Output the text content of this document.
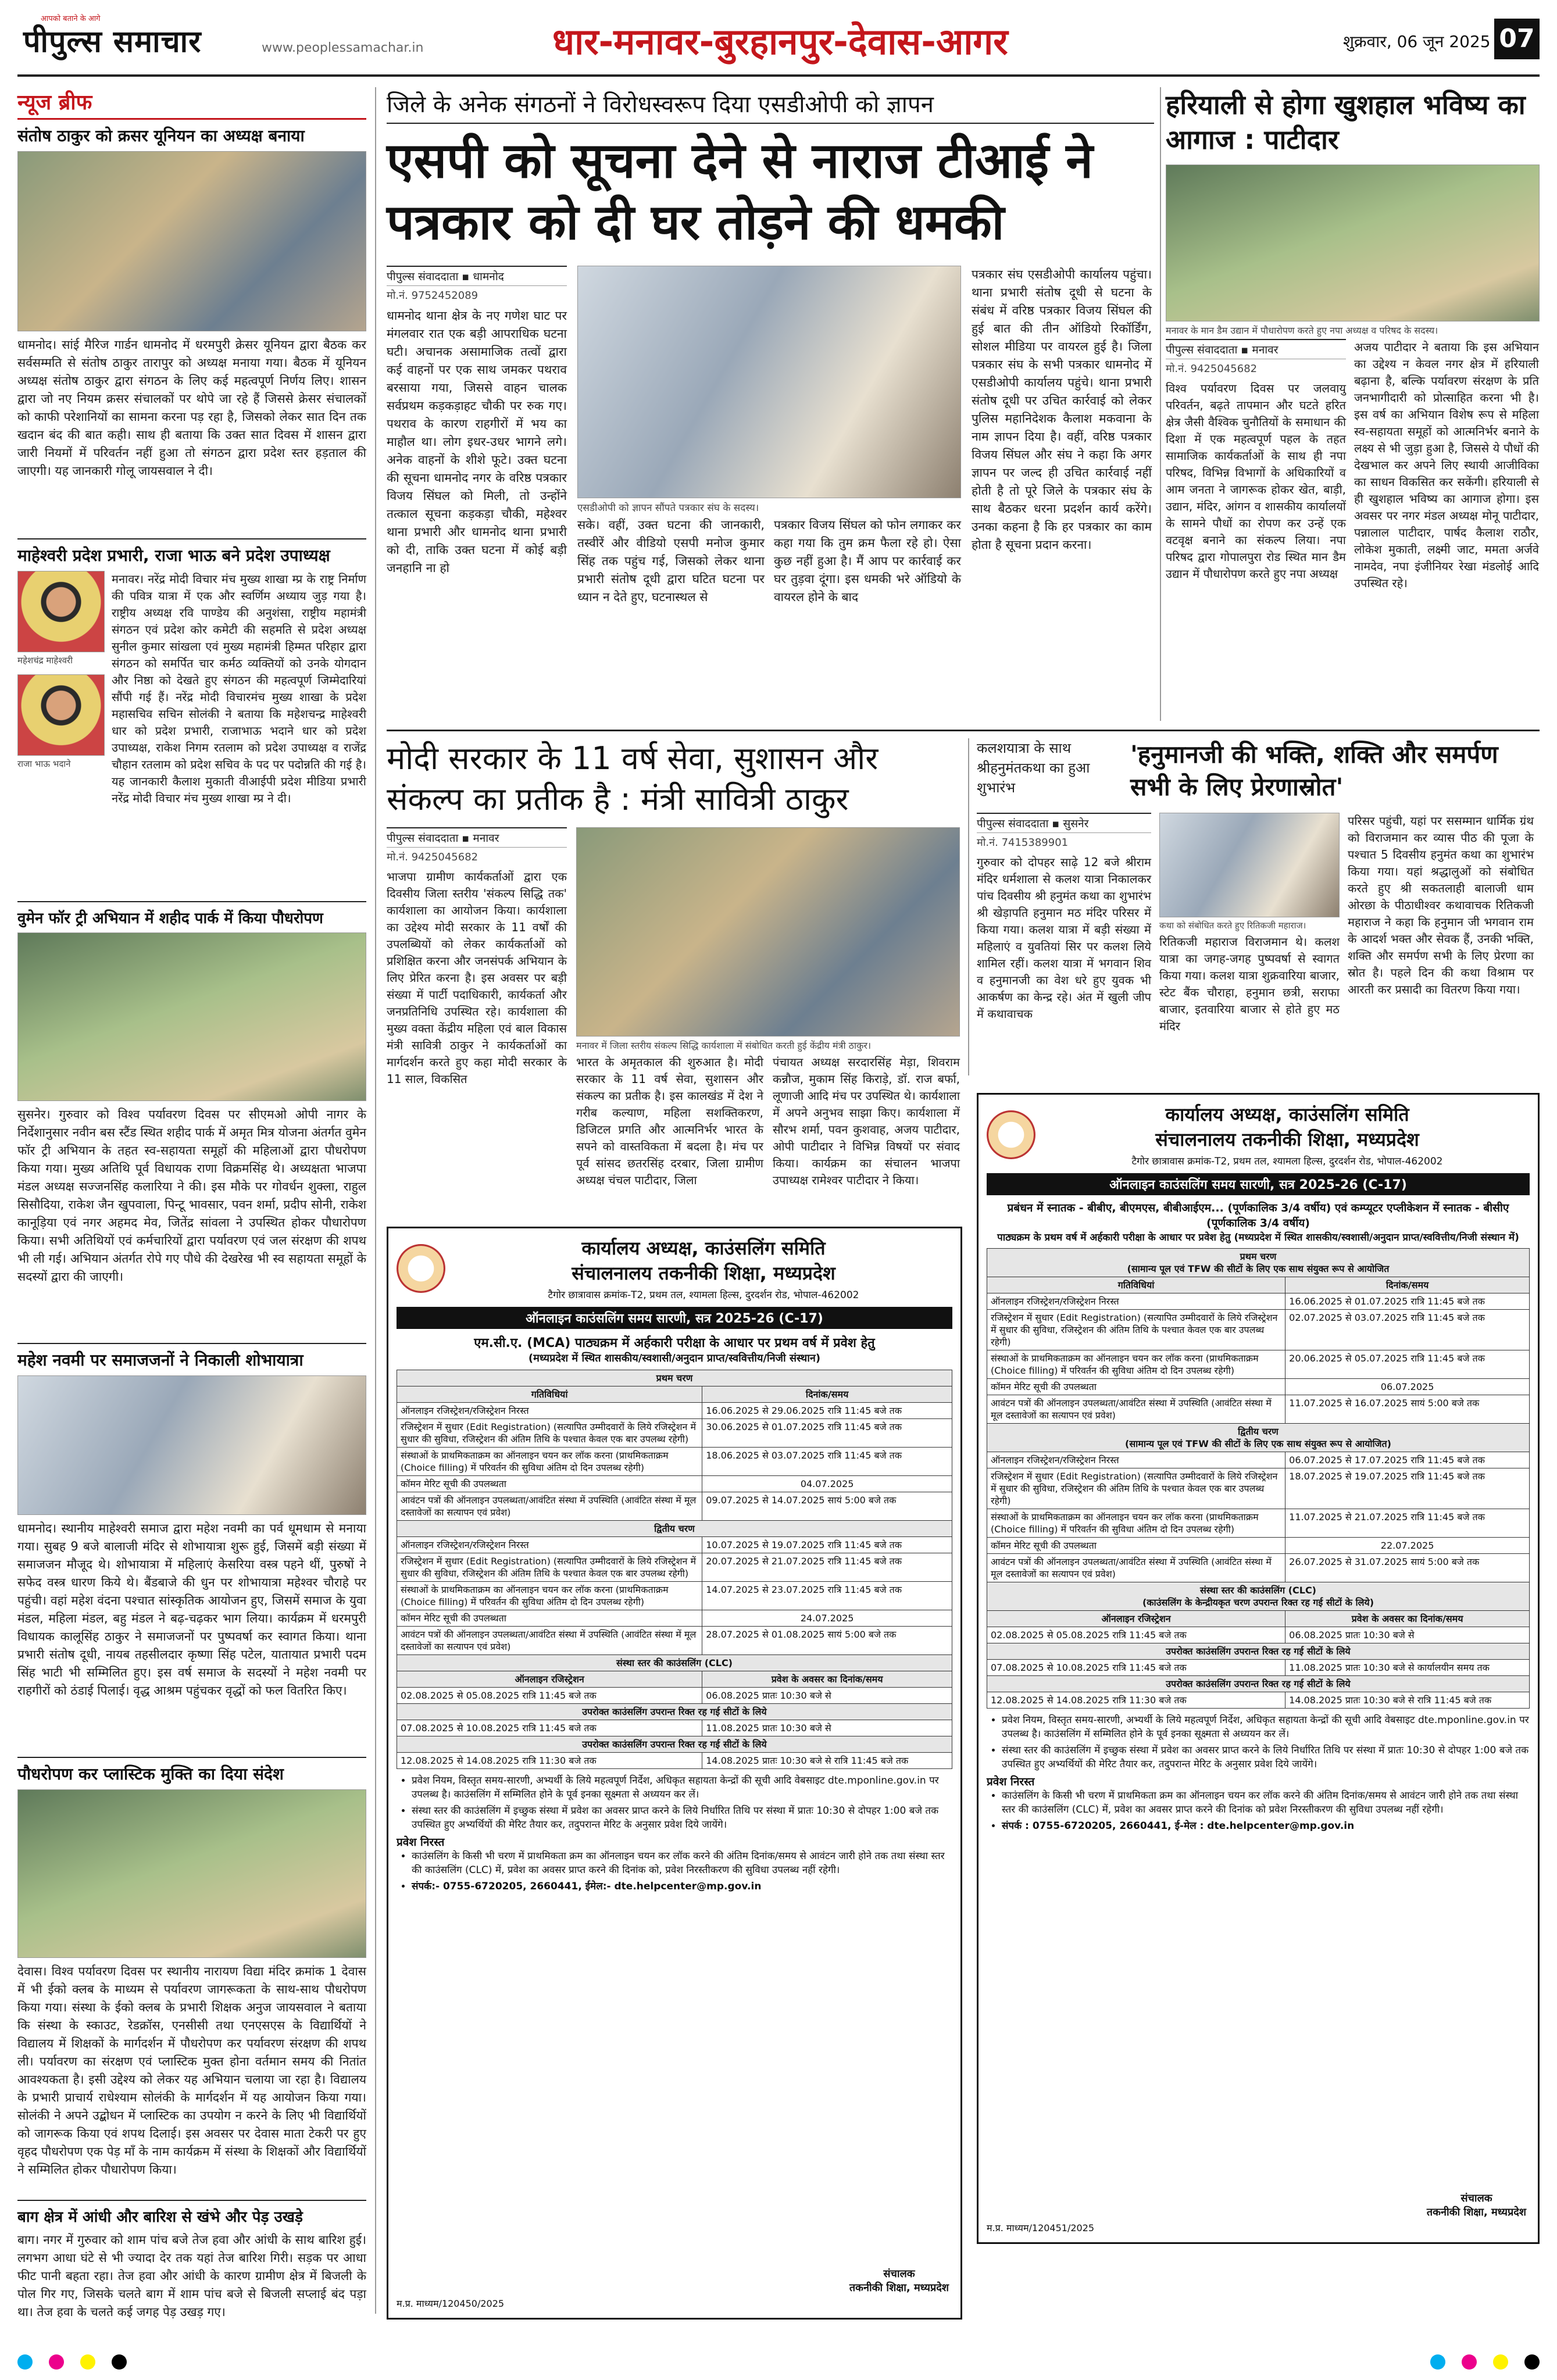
आपको बताने के आगे
पीपुल्स समाचार	www.peoplessamachar.in	धार-मनावर-बुरहानपुर-देवास-आगर	शुक्रवार, 06 जून 2025 07
न्यूज ब्रीफ
संतोष ठाकुर को क्रसर यूनियन का अध्यक्ष बनाया
धामनोद। सांई मैरिज गार्डन धामनोद में धरमपुरी क्रेसर यूनियन द्वारा बैठक कर सर्वसम्मति से संतोष ठाकुर तारापुर को अध्यक्ष मनाया गया। बैठक में यूनियन अध्यक्ष संतोष ठाकुर द्वारा संगठन के लिए कई महत्वपूर्ण निर्णय लिए। शासन द्वारा जो नए नियम क्रसर संचालकों पर थोपे जा रहे हैं जिससे क्रेसर संचालकों को काफी परेशानियों का सामना करना पड़ रहा है, जिसको लेकर सात दिन तक खदान बंद की बात कही। साथ ही बताया कि उक्त सात दिवस में शासन द्वारा जारी नियमों में परिवर्तन नहीं हुआ तो संगठन द्वारा प्रदेश स्तर हड़ताल की जाएगी। यह जानकारी गोलू जायसवाल ने दी।
माहेश्वरी प्रदेश प्रभारी, राजा भाऊ बने प्रदेश उपाध्यक्ष
महेशचंद्र माहेश्वरी
राजा भाऊ भदाने
मनावर। नरेंद्र मोदी विचार मंच मुख्य शाखा म्प्र के राष्ट्र निर्माण की पवित्र यात्रा में एक और स्वर्णिम अध्याय जुड़ गया है। राष्ट्रीय अध्यक्ष रवि पाण्डेय की अनुशंसा, राष्ट्रीय महामंत्री संगठन एवं प्रदेश कोर कमेटी की सहमति से प्रदेश अध्यक्ष सुनील कुमार सांखला एवं मुख्य महामंत्री हिम्मत परिहार द्वारा संगठन को समर्पित चार कर्मठ व्यक्तियों को उनके योगदान और निष्ठा को देखते हुए संगठन की महत्वपूर्ण जिम्मेदारियां सौंपी गई हैं। नरेंद्र मोदी विचारमंच मुख्य शाखा के प्रदेश महासचिव सचिन सोलंकी ने बताया कि महेशचन्द्र माहेश्वरी धार को प्रदेश प्रभारी, राजाभाऊ भदाने धार को प्रदेश उपाध्यक्ष, राकेश निगम रतलाम को प्रदेश उपाध्यक्ष व राजेंद्र चौहान रतलाम को प्रदेश सचिव के पद पर पदोन्नति की गई है। यह जानकारी कैलाश मुकाती वीआईपी प्रदेश मीडिया प्रभारी नरेंद्र मोदी विचार मंच मुख्य शाखा म्प्र ने दी।
वुमेन फॉर ट्री अभियान में शहीद पार्क में किया पौधरोपण
सुसनेर। गुरुवार को विश्व पर्यावरण दिवस पर सीएमओ ओपी नागर के निर्देशानुसार नवीन बस स्टैंड स्थित शहीद पार्क में अमृत मित्र योजना अंतर्गत वुमेन फॉर ट्री अभियान के तहत स्व-सहायता समूहों की महिलाओं द्वारा पौधरोपण किया गया। मुख्य अतिथि पूर्व विधायक राणा विक्रमसिंह थे। अध्यक्षता भाजपा मंडल अध्यक्ष सज्जनसिंह कलारिया ने की। इस मौके पर गोवर्धन शुक्ला, राहुल सिसौदिया, राकेश जैन खुपवाला, पिन्टू भावसार, पवन शर्मा, प्रदीप सोनी, राकेश कानूड़िया एवं नगर अहमद मेव, जितेंद्र सांवला ने उपस्थित होकर पौधारोपण किया। सभी अतिथियों एवं कर्मचारियों द्वारा पर्यावरण एवं जल संरक्षण की शपथ भी ली गई। अभियान अंतर्गत रोपे गए पौधे की देखरेख भी स्व सहायता समूहों के सदस्यों द्वारा की जाएगी।
महेश नवमी पर समाजजनों ने निकाली शोभायात्रा
धामनोद। स्थानीय माहेश्वरी समाज द्वारा महेश नवमी का पर्व धूमधाम से मनाया गया। सुबह 9 बजे बालाजी मंदिर से शोभायात्रा शुरू हुई, जिसमें बड़ी संख्या में समाजजन मौजूद थे। शोभायात्रा में महिलाएं केसरिया वस्त्र पहने थीं, पुरुषों ने सफेद वस्त्र धारण किये थे। बैंडबाजे की धुन पर शोभायात्रा महेश्वर चौराहे पर पहुंची। वहां महेश वंदना पश्चात सांस्कृतिक आयोजन हुए, जिसमें समाज के युवा मंडल, महिला मंडल, बहु मंडल ने बढ़-चढ़कर भाग लिया। कार्यक्रम में धरमपुरी विधायक कालूसिंह ठाकुर ने समाजजनों पर पुष्पवर्षा कर स्वागत किया। थाना प्रभारी संतोष दूधी, नायब तहसीलदार कृष्णा सिंह पटेल, यातायात प्रभारी पदम सिंह भाटी भी सम्मिलित हुए। इस वर्ष समाज के सदस्यों ने महेश नवमी पर राहगीरों को ठंडाई पिलाई। वृद्ध आश्रम पहुंचकर वृद्धों को फल वितरित किए।
पौधरोपण कर प्लास्टिक मुक्ति का दिया संदेश
देवास। विश्व पर्यावरण दिवस पर स्थानीय नारायण विद्या मंदिर क्रमांक 1 देवास में भी ईको क्लब के माध्यम से पर्यावरण जागरूकता के साथ-साथ पौधरोपण किया गया। संस्था के ईको क्लब के प्रभारी शिक्षक अनुज जायसवाल ने बताया कि संस्था के स्काउट, रेडक्रॉस, एनसीसी तथा एनएसएस के विद्यार्थियों ने विद्यालय में शिक्षकों के मार्गदर्शन में पौधरोपण कर पर्यावरण संरक्षण की शपथ ली। पर्यावरण का संरक्षण एवं प्लास्टिक मुक्त होना वर्तमान समय की नितांत आवश्यकता है। इसी उद्देश्य को लेकर यह अभियान चलाया जा रहा है। विद्यालय के प्रभारी प्राचार्य राधेश्याम सोलंकी के मार्गदर्शन में यह आयोजन किया गया। सोलंकी ने अपने उद्बोधन में प्लास्टिक का उपयोग न करने के लिए भी विद्यार्थियों को जागरूक किया एवं शपथ दिलाई। इस अवसर पर देवास माता टेकरी पर हुए वृहद पौधरोपण एक पेड़ माँ के नाम कार्यक्रम में संस्था के शिक्षकों और विद्यार्थियों ने सम्मिलित होकर पौधारोपण किया।
बाग क्षेत्र में आंधी और बारिश से खंभे और पेड़ उखड़े
बाग। नगर में गुरुवार को शाम पांच बजे तेज हवा और आंधी के साथ बारिश हुई। लगभग आधा घंटे से भी ज्यादा देर तक यहां तेज बारिश गिरी। सड़क पर आधा फीट पानी बहता रहा। तेज हवा और आंधी के कारण ग्रामीण क्षेत्र में बिजली के पोल गिर गए, जिसके चलते बाग में शाम पांच बजे से बिजली सप्लाई बंद पड़ा था। तेज हवा के चलते कई जगह पेड़ उखड़ गए।
जिले के अनेक संगठनों ने विरोधस्वरूप दिया एसडीओपी को ज्ञापन
एसपी को सूचना देने से नाराज टीआई ने पत्रकार को दी घर तोड़ने की धमकी
पीपुल्स संवाददाता ▪ धामनोद
मो.नं. 9752452089
धामनोद थाना क्षेत्र के नए गणेश घाट पर मंगलवार रात एक बड़ी आपराधिक घटना घटी। अचानक असामाजिक तत्वों द्वारा कई वाहनों पर एक साथ जमकर पथराव बरसाया गया, जिससे वाहन चालक सर्वप्रथम कड़कड़ाहट चौकी पर रुक गए। पथराव के कारण राहगीरों में भय का माहौल था। लोग इधर-उधर भागने लगे। अनेक वाहनों के शीशे फूटे। उक्त घटना की सूचना धामनोद नगर के वरिष्ठ पत्रकार विजय सिंघल को मिली, तो उन्होंने तत्काल सूचना कड़कड़ा चौकी, महेश्वर थाना प्रभारी और धामनोद थाना प्रभारी को दी, ताकि उक्त घटना में कोई बड़ी जनहानि ना हो
एसडीओपी को ज्ञापन सौंपते पत्रकार संघ के सदस्य।
सके। वहीं, उक्त घटना की जानकारी, तस्वीरें और वीडियो एसपी मनोज कुमार सिंह तक पहुंच गई, जिसको लेकर थाना प्रभारी संतोष दूधी द्वारा घटित घटना पर ध्यान न देते हुए, घटनास्थल से
पत्रकार विजय सिंघल को फोन लगाकर कर कहा गया कि तुम क्रम फैला रहे हो। ऐसा कुछ नहीं हुआ है। मैं आप पर कार्रवाई कर घर तुड़वा दूंगा। इस धमकी भरे ऑडियो के वायरल होने के बाद
पत्रकार संघ एसडीओपी कार्यालय पहुंचा। थाना प्रभारी संतोष दूधी से घटना के संबंध में वरिष्ठ पत्रकार विजय सिंघल की हुई बात की तीन ऑडियो रिकॉर्डिंग, सोशल मीडिया पर वायरल हुई है। जिला पत्रकार संघ के सभी पत्रकार धामनोद में एसडीओपी कार्यालय पहुंचे। थाना प्रभारी संतोष दूधी पर उचित कार्रवाई को लेकर पुलिस महानिदेशक कैलाश मकवाना के नाम ज्ञापन दिया है। वहीं, वरिष्ठ पत्रकार विजय सिंघल और संघ ने कहा कि अगर ज्ञापन पर जल्द ही उचित कार्रवाई नहीं होती है तो पूरे जिले के पत्रकार संघ के साथ बैठकर धरना प्रदर्शन कार्य करेंगे। उनका कहना है कि हर पत्रकार का काम होता है सूचना प्रदान करना।
हरियाली से होगा खुशहाल भविष्य का आगाज : पाटीदार
मनावर के मान डैम उद्यान में पौधारोपण करते हुए नपा अध्यक्ष व परिषद के सदस्य।
पीपुल्स संवाददाता ▪ मनावर
मो.नं. 9425045682
विश्व पर्यावरण दिवस पर जलवायु परिवर्तन, बढ़ते तापमान और घटते हरित क्षेत्र जैसी वैश्विक चुनौतियों के समाधान की दिशा में एक महत्वपूर्ण पहल के तहत सामाजिक कार्यकर्ताओं के साथ ही नपा परिषद, विभिन्न विभागों के अधिकारियों व आम जनता ने जागरूक होकर खेत, बाड़ी, उद्यान, मंदिर, आंगन व शासकीय कार्यालयों के सामने पौधों का रोपण कर उन्हें एक वटवृक्ष बनाने का संकल्प लिया। नपा परिषद द्वारा गोपालपुरा रोड स्थित मान डैम उद्यान में पौधारोपण करते हुए नपा अध्यक्ष
अजय पाटीदार ने बताया कि इस अभियान का उद्देश्य न केवल नगर क्षेत्र में हरियाली बढ़ाना है, बल्कि पर्यावरण संरक्षण के प्रति जनभागीदारी को प्रोत्साहित करना भी है। इस वर्ष का अभियान विशेष रूप से महिला स्व-सहायता समूहों को आत्मनिर्भर बनाने के लक्ष्य से भी जुड़ा हुआ है, जिससे ये पौधों की देखभाल कर अपने लिए स्थायी आजीविका का साधन विकसित कर सकेंगी। हरियाली से ही खुशहाल भविष्य का आगाज होगा। इस अवसर पर नगर मंडल अध्यक्ष मोनू पाटीदार, पन्नालाल पाटीदार, पार्षद कैलाश राठौर, लोकेश मुकाती, लक्ष्मी जाट, ममता अर्जवे नामदेव, नपा इंजीनियर रेखा मंडलोई आदि उपस्थित रहे।
मोदी सरकार के 11 वर्ष सेवा, सुशासन और संकल्प का प्रतीक है : मंत्री सावित्री ठाकुर
पीपुल्स संवाददाता ▪ मनावर
मो.नं. 9425045682
भाजपा ग्रामीण कार्यकर्ताओं द्वारा एक दिवसीय जिला स्तरीय 'संकल्प सिद्धि तक' कार्यशाला का आयोजन किया। कार्यशाला का उद्देश्य मोदी सरकार के 11 वर्षों की उपलब्धियों को लेकर कार्यकर्ताओं को प्रशिक्षित करना और जनसंपर्क अभियान के लिए प्रेरित करना है। इस अवसर पर बड़ी संख्या में पार्टी पदाधिकारी, कार्यकर्ता और जनप्रतिनिधि उपस्थित रहे। कार्यशाला की मुख्य वक्ता केंद्रीय महिला एवं बाल विकास मंत्री सावित्री ठाकुर ने कार्यकर्ताओं का मार्गदर्शन करते हुए कहा मोदी सरकार के 11 साल, विकसित
मनावर में जिला स्तरीय संकल्प सिद्धि कार्यशाला में संबोधित करती हुई केंद्रीय मंत्री ठाकुर।
भारत के अमृतकाल की शुरुआत है। मोदी सरकार के 11 वर्ष सेवा, सुशासन और संकल्प का प्रतीक है। इस कालखंड में देश ने गरीब कल्याण, महिला सशक्तिकरण, डिजिटल प्रगति और आत्मनिर्भर भारत के सपने को वास्तविकता में बदला है। मंच पर पूर्व सांसद छतरसिंह दरबार, जिला ग्रामीण अध्यक्ष चंचल पाटीदार, जिला
पंचायत अध्यक्ष सरदारसिंह मेड़ा, शिवराम कन्नौज, मुकाम सिंह किराड़े, डॉ. राज बर्फा, लूणाजी आदि मंच पर उपस्थित थे। कार्यशाला में अपने अनुभव साझा किए। कार्यशाला में सौरभ शर्मा, पवन कुशवाह, अजय पाटीदार, ओपी पाटीदार ने विभिन्न विषयों पर संवाद किया। कार्यक्रम का संचालन भाजपा उपाध्यक्ष रामेश्वर पाटीदार ने किया।
कलशयात्रा के साथ श्रीहनुमंतकथा का हुआ शुभारंभ
'हनुमानजी की भक्ति, शक्ति और समर्पण सभी के लिए प्रेरणास्रोत'
पीपुल्स संवाददाता ▪ सुसनेर
मो.नं. 7415389901
गुरुवार को दोपहर साढ़े 12 बजे श्रीराम मंदिर धर्मशाला से कलश यात्रा निकालकर पांच दिवसीय श्री हनुमंत कथा का शुभारंभ श्री खेड़ापति हनुमान मठ मंदिर परिसर में किया गया। कलश यात्रा में बड़ी संख्या में महिलाएं व युवतियां सिर पर कलश लिये शामिल रहीं। कलश यात्रा में भगवान शिव व हनुमानजी का वेश धरे हुए युवक भी आकर्षण का केन्द्र रहे। अंत में खुली जीप में कथावाचक
कथा को संबोधित करते हुए रितिकजी महाराज।
रितिकजी महाराज विराजमान थे। कलश यात्रा का जगह-जगह पुष्पवर्षा से स्वागत किया गया। कलश यात्रा शुक्रवारिया बाजार, स्टेट बैंक चौराहा, हनुमान छत्री, सराफा बाजार, इतवारिया बाजार से होते हुए मठ मंदिर
परिसर पहुंची, यहां पर ससम्मान धार्मिक ग्रंथ को विराजमान कर व्यास पीठ की पूजा के पश्चात 5 दिवसीय हनुमंत कथा का शुभारंभ किया गया। यहां श्रद्धालुओं को संबोधित करते हुए श्री सकतलाही बालाजी धाम ओरछा के पीठाधीश्वर कथावाचक रितिकजी महाराज ने कहा कि हनुमान जी भगवान राम के आदर्श भक्त और सेवक हैं, उनकी भक्ति, शक्ति और समर्पण सभी के लिए प्रेरणा का स्रोत है। पहले दिन की कथा विश्राम पर आरती कर प्रसादी का वितरण किया गया।
कार्यालय अध्यक्ष, काउंसलिंग समिति
संचालनालय तकनीकी शिक्षा, मध्यप्रदेश
टैगोर छात्रावास क्रमांक-T2, प्रथम तल, श्यामला हिल्स, दुरदर्शन रोड, भोपाल-462002
ऑनलाइन काउंसलिंग समय सारणी, सत्र 2025-26 (C-17)
एम.सी.ए. (MCA) पाठ्यक्रम में अर्हकारी परीक्षा के आधार पर प्रथम वर्ष में प्रवेश हेतु
(मध्यप्रदेश में स्थित शासकीय/स्वशासी/अनुदान प्राप्त/स्ववित्तीय/निजी संस्थान)
प्रथम चरण	
गतिविधियां	दिनांक/समय
ऑनलाइन रजिस्ट्रेशन/रजिस्ट्रेशन निरस्त	16.06.2025 से 29.06.2025 रात्रि 11:45 बजे तक
रजिस्ट्रेशन में सुधार (Edit Registration) (सत्यापित उम्मीदवारों के लिये रजिस्ट्रेशन में सुधार की सुविधा, रजिस्ट्रेशन की अंतिम तिथि के पश्चात केवल एक बार उपलब्ध रहेगी)	30.06.2025 से 01.07.2025 रात्रि 11:45 बजे तक
संस्थाओं के प्राथमिकताक्रम का ऑनलाइन चयन कर लॉक करना (प्राथमिकताक्रम (Choice filling) में परिवर्तन की सुविधा अंतिम दो दिन उपलब्ध रहेगी)	18.06.2025 से 03.07.2025 रात्रि 11:45 बजे तक
कॉमन मेरिट सूची की उपलब्धता	04.07.2025
आवंटन पत्रों की ऑनलाइन उपलब्धता/आवंटित संस्था में उपस्थिति (आवंटित संस्था में मूल दस्तावेजों का सत्यापन एवं प्रवेश)	09.07.2025 से 14.07.2025 सायं 5:00 बजे तक
द्वितीय चरण	
ऑनलाइन रजिस्ट्रेशन/रजिस्ट्रेशन निरस्त	10.07.2025 से 19.07.2025 रात्रि 11:45 बजे तक
रजिस्ट्रेशन में सुधार (Edit Registration) (सत्यापित उम्मीदवारों के लिये रजिस्ट्रेशन में सुधार की सुविधा, रजिस्ट्रेशन की अंतिम तिथि के पश्चात केवल एक बार उपलब्ध रहेगी)	20.07.2025 से 21.07.2025 रात्रि 11:45 बजे तक
संस्थाओं के प्राथमिकताक्रम का ऑनलाइन चयन कर लॉक करना (प्राथमिकताक्रम (Choice filling) में परिवर्तन की सुविधा अंतिम दो दिन उपलब्ध रहेगी)	14.07.2025 से 23.07.2025 रात्रि 11:45 बजे तक
कॉमन मेरिट सूची की उपलब्धता	24.07.2025
आवंटन पत्रों की ऑनलाइन उपलब्धता/आवंटित संस्था में उपस्थिति (आवंटित संस्था में मूल दस्तावेजों का सत्यापन एवं प्रवेश)	28.07.2025 से 01.08.2025 सायं 5:00 बजे तक
संस्था स्तर की काउंसलिंग (CLC)	
ऑनलाइन रजिस्ट्रेशन	प्रवेश के अवसर का दिनांक/समय
02.08.2025 से 05.08.2025 रात्रि 11:45 बजे तक	06.08.2025 प्रातः 10:30 बजे से
उपरोक्त काउंसलिंग उपरान्त रिक्त रह गई सीटों के लिये	
07.08.2025 से 10.08.2025 रात्रि 11:45 बजे तक	11.08.2025 प्रातः 10:30 बजे से
उपरोक्त काउंसलिंग उपरान्त रिक्त रह गई सीटों के लिये	
12.08.2025 से 14.08.2025 रात्रि 11:30 बजे तक	14.08.2025 प्रातः 10:30 बजे से रात्रि 11:45 बजे तक
• प्रवेश नियम, विस्तृत समय-सारणी, अभ्यर्थी के लिये महत्वपूर्ण निर्देश, अधिकृत सहायता केन्द्रों की सूची आदि वेबसाइट dte.mponline.gov.in पर उपलब्ध है। काउंसलिंग में सम्मिलित होने के पूर्व इनका सूक्ष्मता से अध्ययन कर लें।
• संस्था स्तर की काउंसलिंग में इच्छुक संस्था में प्रवेश का अवसर प्राप्त करने के लिये निर्धारित तिथि पर संस्था में प्रातः 10:30 से दोपहर 1:00 बजे तक उपस्थित हुए अभ्यर्थियों की मेरिट तैयार कर, तदुपरान्त मेरिट के अनुसार प्रवेश दिये जायेंगे।
प्रवेश निरस्त
• काउंसलिंग के किसी भी चरण में प्राथमिकता क्रम का ऑनलाइन चयन कर लॉक करने की अंतिम दिनांक/समय से आवंटन जारी होने तक तथा संस्था स्तर की काउंसलिंग (CLC) में, प्रवेश का अवसर प्राप्त करने की दिनांक को, प्रवेश निरस्तीकरण की सुविधा उपलब्ध नहीं रहेगी।
• संपर्क:- 0755-6720205, 2660441, ईमेल:- dte.helpcenter@mp.gov.in
संचालक
तकनीकी शिक्षा, मध्यप्रदेश
म.प्र. माध्यम/120450/2025
कार्यालय अध्यक्ष, काउंसलिंग समिति
संचालनालय तकनीकी शिक्षा, मध्यप्रदेश
टैगोर छात्रावास क्रमांक-T2, प्रथम तल, श्यामला हिल्स, दुरदर्शन रोड, भोपाल-462002
ऑनलाइन काउंसलिंग समय सारणी, सत्र 2025-26 (C-17)
प्रबंधन में स्नातक - बीबीए, बीएमएस, बीबीआईएम... (पूर्णकालिक 3/4 वर्षीय) एवं कम्प्यूटर एप्लीकेशन में स्नातक - बीसीए (पूर्णकालिक 3/4 वर्षीय)
पाठ्यक्रम के प्रथम वर्ष में अर्हकारी परीक्षा के आधार पर प्रवेश हेतु (मध्यप्रदेश में स्थित शासकीय/स्वशासी/अनुदान प्राप्त/स्ववित्तीय/निजी संस्थान में)
प्रथम चरण
(सामान्य पूल एवं TFW की सीटों के लिए एक साथ संयुक्त रूप से आयोजित	

गतिविधियां	दिनांक/समय
ऑनलाइन रजिस्ट्रेशन/रजिस्ट्रेशन निरस्त	16.06.2025 से 01.07.2025 रात्रि 11:45 बजे तक
रजिस्ट्रेशन में सुधार (Edit Registration) (सत्यापित उम्मीदवारों के लिये रजिस्ट्रेशन में सुधार की सुविधा, रजिस्ट्रेशन की अंतिम तिथि के पश्चात केवल एक बार उपलब्ध रहेगी)	02.07.2025 से 03.07.2025 रात्रि 11:45 बजे तक
संस्थाओं के प्राथमिकताक्रम का ऑनलाइन चयन कर लॉक करना (प्राथमिकताक्रम (Choice filling) में परिवर्तन की सुविधा अंतिम दो दिन उपलब्ध रहेगी)	20.06.2025 से 05.07.2025 रात्रि 11:45 बजे तक
कॉमन मेरिट सूची की उपलब्धता	06.07.2025
आवंटन पत्रों की ऑनलाइन उपलब्धता/आवंटित संस्था में उपस्थिति (आवंटित संस्था में मूल दस्तावेजों का सत्यापन एवं प्रवेश)	11.07.2025 से 16.07.2025 सायं 5:00 बजे तक

द्वितीय चरण
(सामान्य पूल एवं TFW की सीटों के लिए एक साथ संयुक्त रूप से आयोजित)	

ऑनलाइन रजिस्ट्रेशन/रजिस्ट्रेशन निरस्त	06.07.2025 से 17.07.2025 रात्रि 11:45 बजे तक
रजिस्ट्रेशन में सुधार (Edit Registration) (सत्यापित उम्मीदवारों के लिये रजिस्ट्रेशन में सुधार की सुविधा, रजिस्ट्रेशन की अंतिम तिथि के पश्चात केवल एक बार उपलब्ध रहेगी)	18.07.2025 से 19.07.2025 रात्रि 11:45 बजे तक
संस्थाओं के प्राथमिकताक्रम का ऑनलाइन चयन कर लॉक करना (प्राथमिकताक्रम (Choice filling) में परिवर्तन की सुविधा अंतिम दो दिन उपलब्ध रहेगी)	11.07.2025 से 21.07.2025 रात्रि 11:45 बजे तक
कॉमन मेरिट सूची की उपलब्धता	22.07.2025
आवंटन पत्रों की ऑनलाइन उपलब्धता/आवंटित संस्था में उपस्थिति (आवंटित संस्था में मूल दस्तावेजों का सत्यापन एवं प्रवेश)	26.07.2025 से 31.07.2025 सायं 5:00 बजे तक

संस्था स्तर की काउंसलिंग (CLC)
(काउंसलिंग के केन्द्रीयकृत चरण उपरान्त रिक्त रह गई सीटों के लिये)	

ऑनलाइन रजिस्ट्रेशन	प्रवेश के अवसर का दिनांक/समय
02.08.2025 से 05.08.2025 रात्रि 11:45 बजे तक	06.08.2025 प्रातः 10:30 बजे से
उपरोक्त काउंसलिंग उपरान्त रिक्त रह गई सीटों के लिये	
07.08.2025 से 10.08.2025 रात्रि 11:45 बजे तक	11.08.2025 प्रातः 10:30 बजे से कार्यालयीन समय तक
उपरोक्त काउंसलिंग उपरान्त रिक्त रह गई सीटों के लिये	
12.08.2025 से 14.08.2025 रात्रि 11:30 बजे तक	14.08.2025 प्रातः 10:30 बजे से रात्रि 11:45 बजे तक
• प्रवेश नियम, विस्तृत समय-सारणी, अभ्यर्थी के लिये महत्वपूर्ण निर्देश, अधिकृत सहायता केन्द्रों की सूची आदि वेबसाइट dte.mponline.gov.in पर उपलब्ध है। काउंसलिंग में सम्मिलित होने के पूर्व इनका सूक्ष्मता से अध्ययन कर लें।
• संस्था स्तर की काउंसलिंग में इच्छुक संस्था में प्रवेश का अवसर प्राप्त करने के लिये निर्धारित तिथि पर संस्था में प्रातः 10:30 से दोपहर 1:00 बजे तक उपस्थित हुए अभ्यर्थियों की मेरिट तैयार कर, तदुपरान्त मेरिट के अनुसार प्रवेश दिये जायेंगे।
प्रवेश निरस्त
• काउंसलिंग के किसी भी चरण में प्राथमिकता क्रम का ऑनलाइन चयन कर लॉक करने की अंतिम दिनांक/समय से आवंटन जारी होने तक तथा संस्था स्तर की काउंसलिंग (CLC) में, प्रवेश का अवसर प्राप्त करने की दिनांक को प्रवेश निरस्तीकरण की सुविधा उपलब्ध नहीं रहेगी।
• संपर्क : 0755-6720205, 2660441, ई-मेल : dte.helpcenter@mp.gov.in
संचालक
तकनीकी शिक्षा, मध्यप्रदेश
म.प्र. माध्यम/120451/2025
